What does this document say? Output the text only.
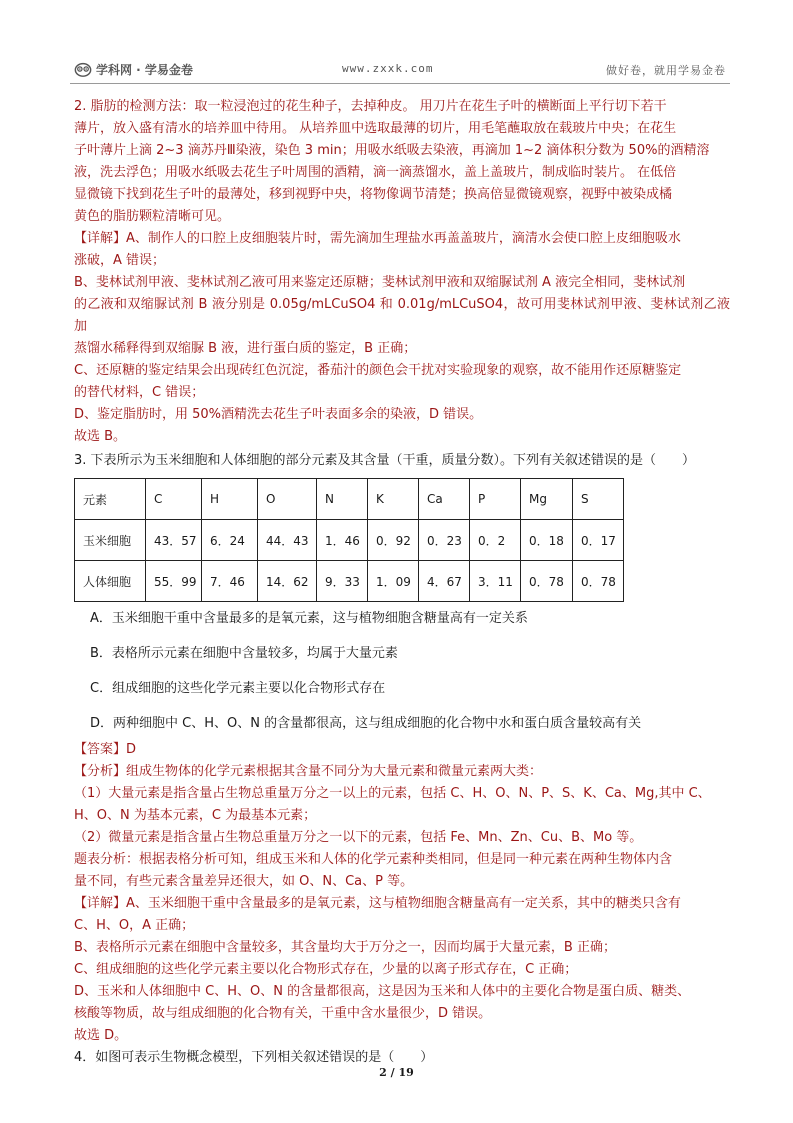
学科网 · 学易金卷	www.zxxk.com	做好卷，就用学易金卷

2. 脂肪的检测方法：取一粒浸泡过的花生种子，去掉种皮。 用刀片在花生子叶的横断面上平行切下若干

薄片，放入盛有清水的培养皿中待用。 从培养皿中选取最薄的切片，用毛笔蘸取放在载玻片中央；在花生

子叶薄片上滴 2~3 滴苏丹Ⅲ染液，染色 3 min；用吸水纸吸去染液，再滴加 1~2 滴体积分数为 50%的酒精溶

液，洗去浮色；用吸水纸吸去花生子叶周围的酒精，滴一滴蒸馏水，盖上盖玻片，制成临时装片。 在低倍

显微镜下找到花生子叶的最薄处，移到视野中央，将物像调节清楚；换高倍显微镜观察，视野中被染成橘

黄色的脂肪颗粒清晰可见。

【详解】A、制作人的口腔上皮细胞装片时，需先滴加生理盐水再盖盖玻片，滴清水会使口腔上皮细胞吸水

涨破，A 错误；

B、斐林试剂甲液、斐林试剂乙液可用来鉴定还原糖；斐林试剂甲液和双缩脲试剂 A 液完全相同，斐林试剂

的乙液和双缩脲试剂 B 液分别是 0.05g/mLCuSO4 和 0.01g/mLCuSO4，故可用斐林试剂甲液、斐林试剂乙液加

蒸馏水稀释得到双缩脲 B 液，进行蛋白质的鉴定，B 正确；

C、还原糖的鉴定结果会出现砖红色沉淀，番茄汁的颜色会干扰对实验现象的观察，故不能用作还原糖鉴定

的替代材料，C 错误；

D、鉴定脂肪时，用 50%酒精洗去花生子叶表面多余的染液，D 错误。

故选 B。

3. 下表所示为玉米细胞和人体细胞的部分元素及其含量（干重，质量分数）。下列有关叙述错误的是（　　）

元素	C	H	O	N	K	Ca	P	Mg	S
玉米细胞	43．57	6．24	44．43	1．46	0．92	0．23	0．2	0．18	0．17
人体细胞	55．99	7．46	14．62	9．33	1．09	4．67	3．11	0．78	0．78

A．玉米细胞干重中含量最多的是氧元素，这与植物细胞含糖量高有一定关系

B．表格所示元素在细胞中含量较多，均属于大量元素

C．组成细胞的这些化学元素主要以化合物形式存在

D．两种细胞中 C、H、O、N 的含量都很高，这与组成细胞的化合物中水和蛋白质含量较高有关

【答案】D

【分析】组成生物体的化学元素根据其含量不同分为大量元素和微量元素两大类：

（1）大量元素是指含量占生物总重量万分之一以上的元素，包括 C、H、O、N、P、S、K、Ca、Mg,其中 C、

H、O、N 为基本元素，C 为最基本元素；

（2）微量元素是指含量占生物总重量万分之一以下的元素，包括 Fe、Mn、Zn、Cu、B、Mo 等。

题表分析：根据表格分析可知，组成玉米和人体的化学元素种类相同，但是同一种元素在两种生物体内含

量不同，有些元素含量差异还很大，如 O、N、Ca、P 等。

【详解】A、玉米细胞干重中含量最多的是氧元素，这与植物细胞含糖量高有一定关系，其中的糖类只含有

C、H、O，A 正确；

B、表格所示元素在细胞中含量较多，其含量均大于万分之一，因而均属于大量元素，B 正确；

C、组成细胞的这些化学元素主要以化合物形式存在，少量的以离子形式存在，C 正确；

D、玉米和人体细胞中 C、H、O、N 的含量都很高，这是因为玉米和人体中的主要化合物是蛋白质、糖类、

核酸等物质，故与组成细胞的化合物有关，干重中含水量很少，D 错误。

故选 D。

4．如图可表示生物概念模型，下列相关叙述错误的是（　　）

2 / 19
